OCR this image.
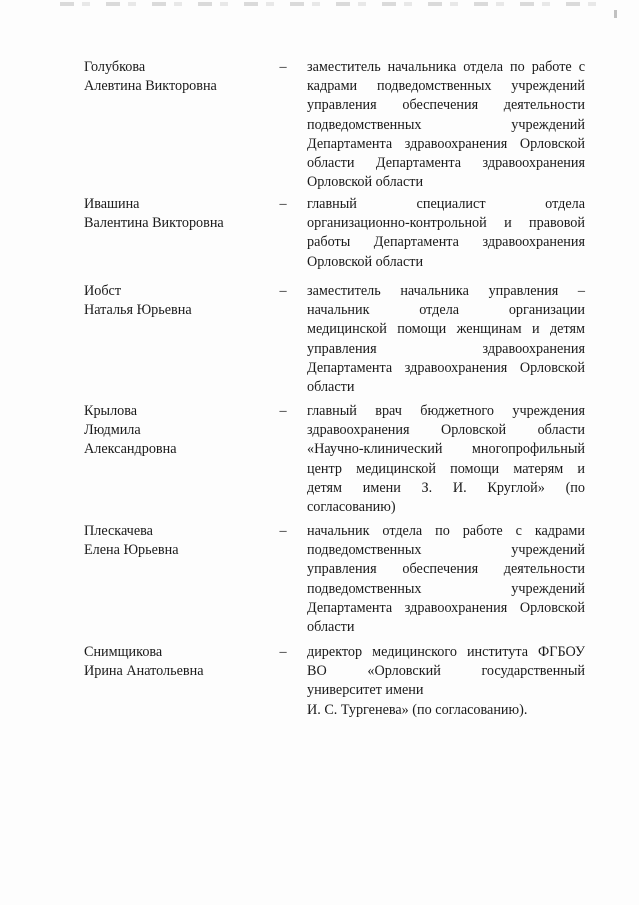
Голубкова
Алевтина Викторовна
– заместитель начальника отдела по работе с
кадрами подведомственных учреждений
управления обеспечения деятельности
подведомственных учреждений
Департамента здравоохранения Орловской
области Департамента здравоохранения
Орловской области
Ивашина
Валентина Викторовна
– главный специалист отдела
организационно-контрольной и правовой
работы Департамента здравоохранения
Орловской области
Иобст
Наталья Юрьевна
– заместитель начальника управления –
начальник отдела организации
медицинской помощи женщинам и детям
управления здравоохранения
Департамента здравоохранения Орловской
области
Крылова
Людмила
Александровна
– главный врач бюджетного учреждения
здравоохранения Орловской области
«Научно-клинический многопрофильный
центр медицинской помощи матерям и
детям имени З. И. Круглой» (по
согласованию)
Плескачева
Елена Юрьевна
– начальник отдела по работе с кадрами
подведомственных учреждений
управления обеспечения деятельности
подведомственных учреждений
Департамента здравоохранения Орловской
области
Снимщикова
Ирина Анатольевна
– директор медицинского института ФГБОУ
ВО «Орловский государственный
университет имени
И. С. Тургенева» (по согласованию).
